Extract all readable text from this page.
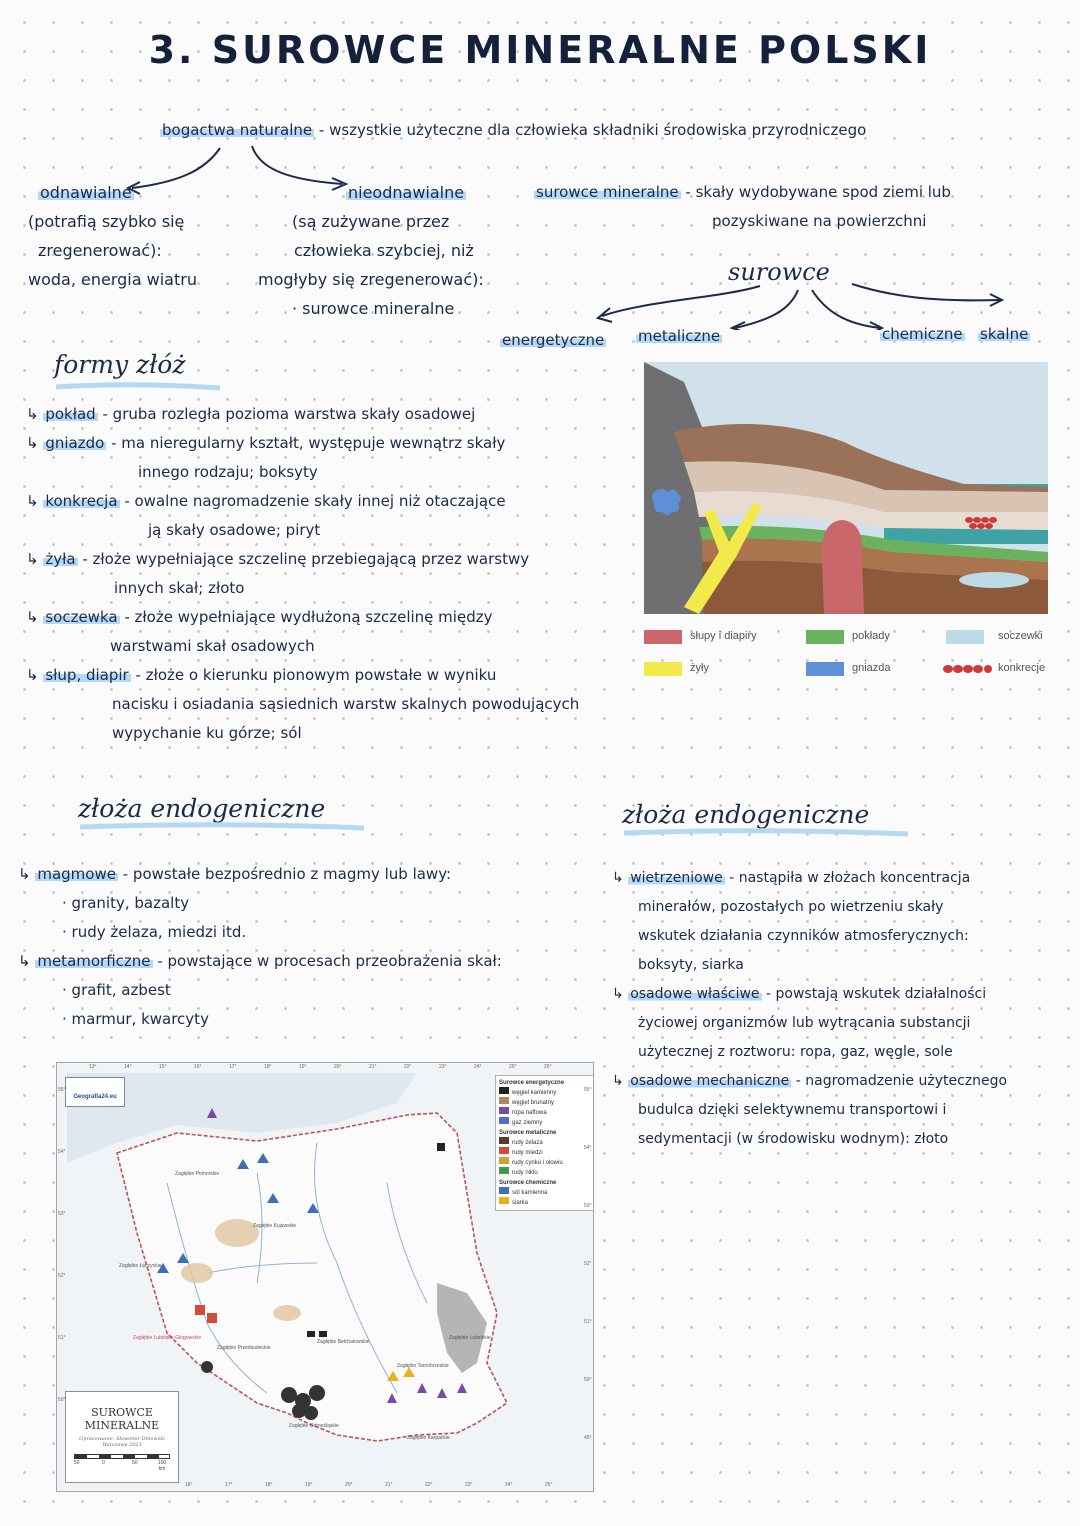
3. SUROWCE MINERALNE POLSKI
bogactwa naturalne - wszystkie użyteczne dla człowieka składniki środowiska przyrodniczego
odnawialne
(potrafią szybko się
zregenerować):
woda, energia wiatru
nieodnawialne
(są zużywane przez
człowieka szybciej, niż
mogłyby się zregenerować):
· surowce mineralne
surowce mineralne - skały wydobywane spod ziemi lub
pozyskiwane na powierzchni
surowce
energetyczne metaliczne	chemiczne skalne
formy złóż
↳ pokład - gruba rozległa pozioma warstwa skały osadowej
↳ gniazdo - ma nieregularny kształt, występuje wewnątrz skały
innego rodzaju; boksyty
↳ konkrecja - owalne nagromadzenie skały innej niż otaczające
ją skały osadowe; piryt
↳ żyła - złoże wypełniające szczelinę przebiegającą przez warstwy
innych skał; złoto
↳ soczewka - złoże wypełniające wydłużoną szczelinę między
warstwami skał osadowych
↳ słup, diapir - złoże o kierunku pionowym powstałe w wyniku
nacisku i osiadania sąsiednich warstw skalnych powodujących
wypychanie ku górze; sól
słupy i diapiry	pokłady	soczewki
żyły	gniazda	konkrecje
złoża endogeniczne
↳ magmowe - powstałe bezpośrednio z magmy lub lawy:
· granity, bazalty
· rudy żelaza, miedzi itd.
↳ metamorficzne - powstające w procesach przeobrażenia skał:
· grafit, azbest
· marmur, kwarcyty
złoża endogeniczne
↳ wietrzeniowe - nastąpiła w złożach koncentracja
minerałów, pozostałych po wietrzeniu skały
wskutek działania czynników atmosferycznych:
boksyty, siarka
↳ osadowe właściwe - powstają wskutek działalności
życiowej organizmów lub wytrącania substancji
użytecznej z roztworu: ropa, gaz, węgle, sole
↳ osadowe mechaniczne - nagromadzenie użytecznego
budulca dzięki selektywnemu transportowi i
sedymentacji (w środowisku wodnym): złoto
Geografia24.eu
Surowce energetyczne
węgiel kamienny
węgiel brunatny
ropa naftowa
gaz ziemny
Surowce metaliczne
rudy żelaza
rudy miedzi
rudy cynku i ołowiu
rudy niklu
Surowce chemiczne
sól kamienna
siarka
Zagłębie Pomorskie
Zagłębie Kujawskie
Zagłębie Łęczyckie
Zagłębie Lubińsko-Głogowskie
Zagłębie Przedsudeckie
Zagłębie Lubelskie
Zagłębie Bełchatowskie
Zagłębie Tarnobrzeskie
Zagłębie Górnośląskie
Zagłębie Karpackie
SUROWCE MINERALNE
Opracowanie: Sławomir Dmowski
Warszawa 2021
50	0	50	100 km
13°	14°	15°	16°	17°	18°	19°	20°	21°	22°	23°	24°	25°	26°
16°	17°	18°	19°	20°	21°	22°	23°	24°	25°
55°
54°
53°
52°
51°
50°
55°
54°
53°
52°
51°
50°
49°
